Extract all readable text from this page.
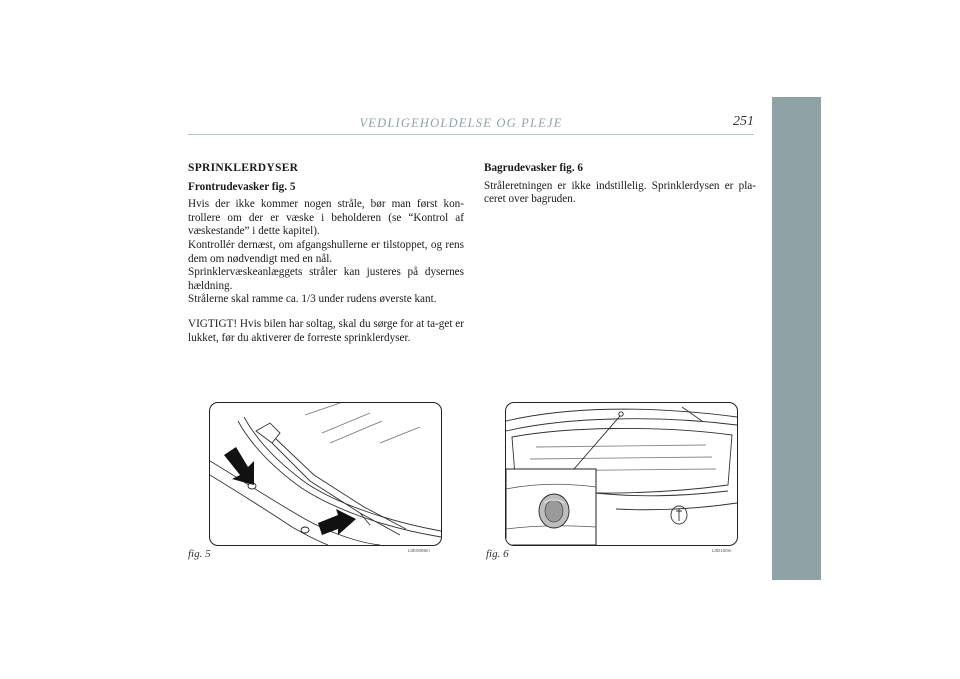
VEDLIGEHOLDELSE OG PLEJE	251
SPRINKLERDYSER
Frontrudevasker fig. 5
Hvis der ikke kommer nogen stråle, bør man først kon-trollere om der er væske i beholderen (se “Kontrol af væskestande” i dette kapitel).
Kontrollér dernæst, om afgangshullerne er tilstoppet, og rens dem om nødvendigt med en nål.
Sprinklervæskeanlæggets stråler kan justeres på dysernes hældning.
Strålerne skal ramme ca. 1/3 under rudens øverste kant.
VIGTIGT! Hvis bilen har soltag, skal du sørge for at ta-get er lukket, før du aktiverer de forreste sprinklerdyser.
Bagrudevasker fig. 6
Stråleretningen er ikke indstillelig. Sprinklerdysen er pla-ceret over bagruden.
fig. 5	L0E0099m	fig. 6	L0D100m
